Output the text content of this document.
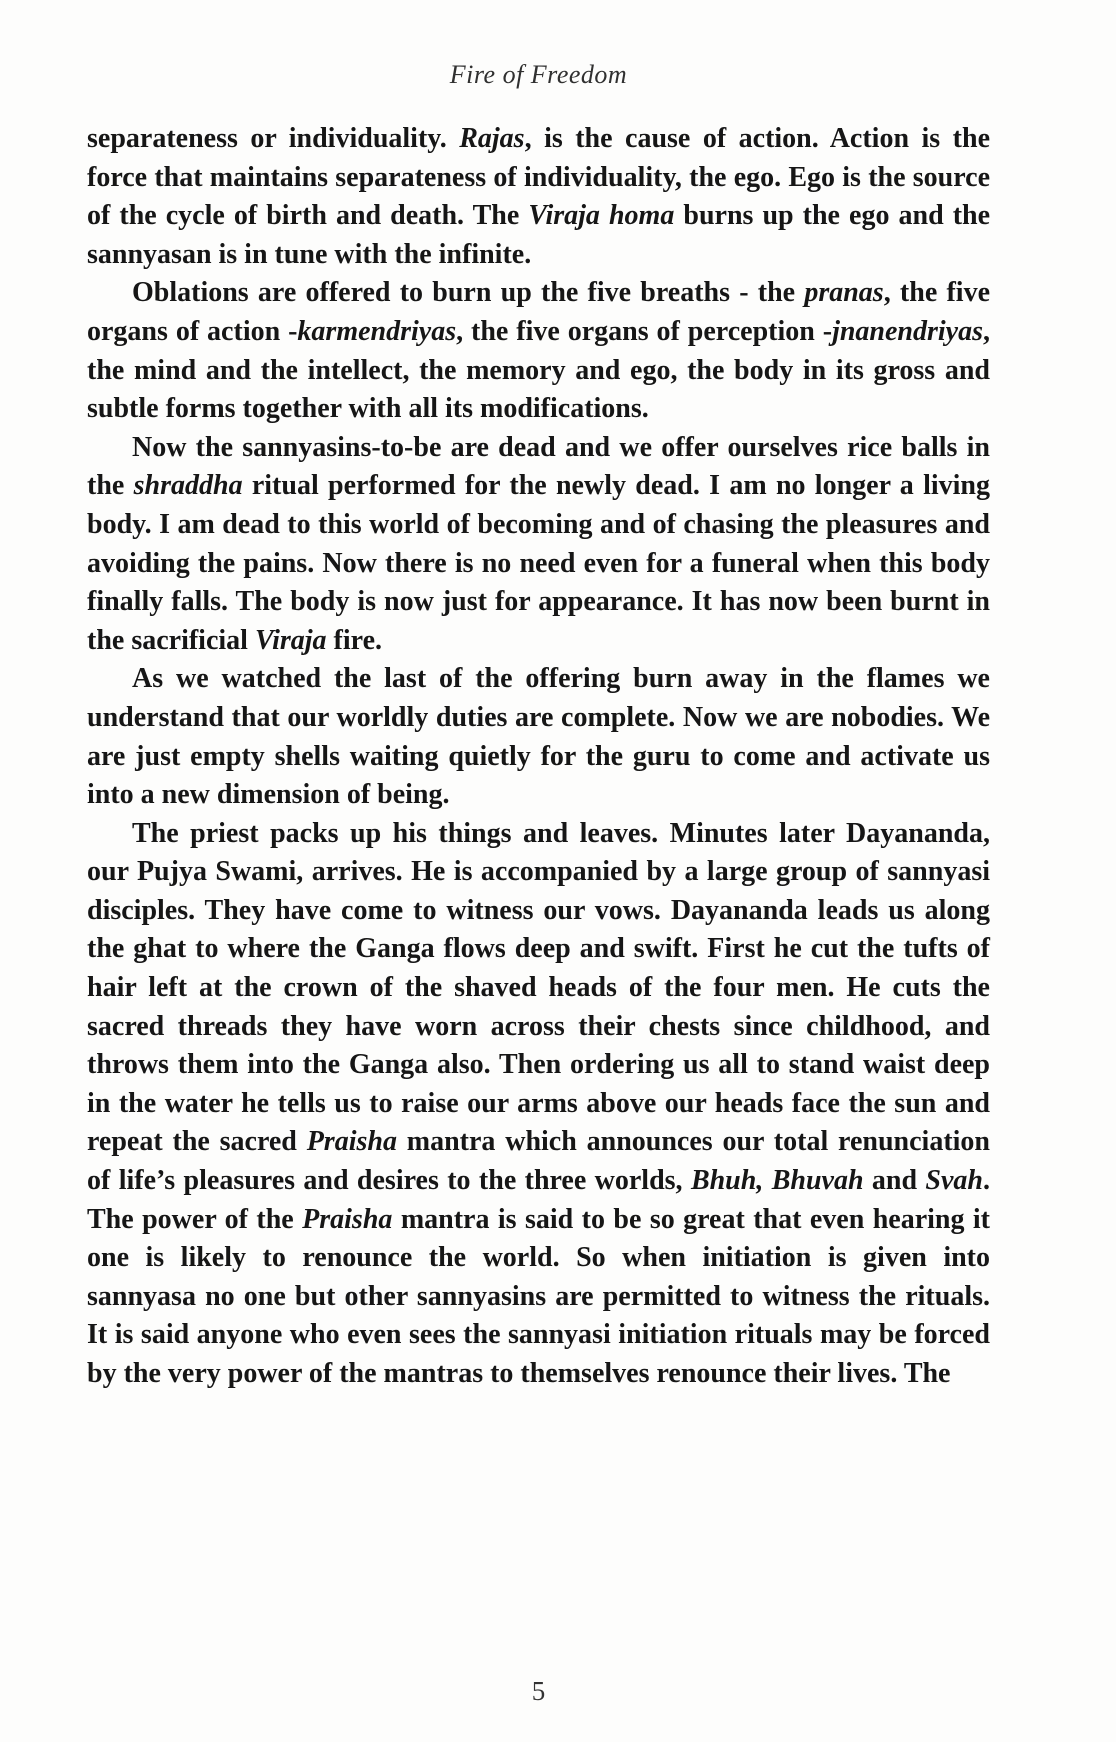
Fire of Freedom

separateness or individuality. Rajas, is the cause of action. Action is the force that maintains separateness of individuality, the ego. Ego is the source of the cycle of birth and death. The Viraja homa burns up the ego and the sannyasan is in tune with the infinite.

Oblations are offered to burn up the five breaths - the pranas, the five organs of action -karmendriyas, the five organs of perception -jnanendriyas, the mind and the intellect, the memory and ego, the body in its gross and subtle forms together with all its modifications.

Now the sannyasins-to-be are dead and we offer ourselves rice balls in the shraddha ritual performed for the newly dead. I am no longer a living body. I am dead to this world of becoming and of chasing the pleasures and avoiding the pains. Now there is no need even for a funeral when this body finally falls. The body is now just for appearance. It has now been burnt in the sacrificial Viraja fire.

As we watched the last of the offering burn away in the flames we understand that our worldly duties are complete. Now we are nobodies. We are just empty shells waiting quietly for the guru to come and activate us into a new dimension of being.

The priest packs up his things and leaves. Minutes later Dayananda, our Pujya Swami, arrives. He is accompanied by a large group of sannyasi disciples. They have come to witness our vows. Dayananda leads us along the ghat to where the Ganga flows deep and swift. First he cut the tufts of hair left at the crown of the shaved heads of the four men. He cuts the sacred threads they have worn across their chests since childhood, and throws them into the Ganga also. Then ordering us all to stand waist deep in the water he tells us to raise our arms above our heads face the sun and repeat the sacred Praisha mantra which announces our total renunciation of life’s pleasures and desires to the three worlds, Bhuh, Bhuvah and Svah. The power of the Praisha mantra is said to be so great that even hearing it one is likely to renounce the world. So when initiation is given into sannyasa no one but other sannyasins are permitted to witness the rituals. It is said anyone who even sees the sannyasi initiation rituals may be forced by the very power of the mantras to themselves renounce their lives. The

5
